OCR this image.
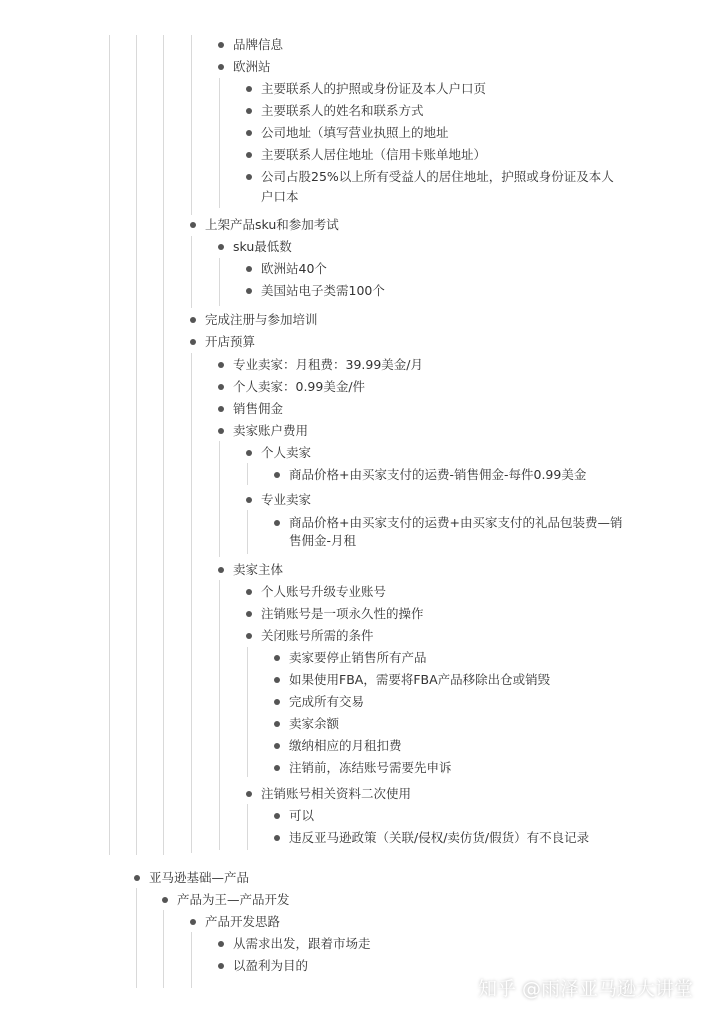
品牌信息
欧洲站
主要联系人的护照或身份证及本人户口页
主要联系人的姓名和联系方式
公司地址（填写营业执照上的地址
主要联系人居住地址（信用卡账单地址）
公司占股25%以上所有受益人的居住地址，护照或身份证及本人
户口本
上架产品sku和参加考试
sku最低数
欧洲站40个
美国站电子类需100个
完成注册与参加培训
开店预算
专业卖家：月租费：39.99美金/月
个人卖家：0.99美金/件
销售佣金
卖家账户费用
个人卖家
商品价格+由买家支付的运费-销售佣金-每件0.99美金
专业卖家
商品价格+由买家支付的运费+由买家支付的礼品包装费—销
售佣金-月租
卖家主体
个人账号升级专业账号
注销账号是一项永久性的操作
关闭账号所需的条件
卖家要停止销售所有产品
如果使用FBA，需要将FBA产品移除出仓或销毁
完成所有交易
卖家余额
缴纳相应的月租扣费
注销前，冻结账号需要先申诉
注销账号相关资料二次使用
可以
违反亚马逊政策（关联/侵权/卖仿货/假货）有不良记录
亚马逊基础—产品
产品为王—产品开发
产品开发思路
从需求出发，跟着市场走
以盈利为目的
知乎 @雨泽亚马逊大讲堂
